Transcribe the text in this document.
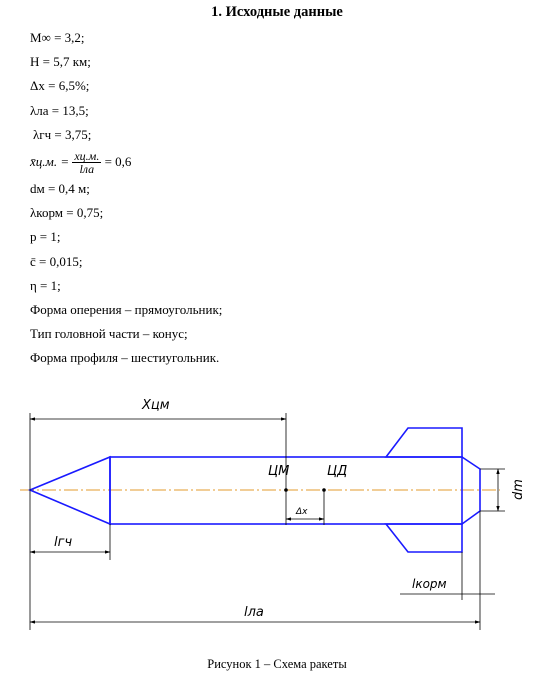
1. Исходные данные
M∞ = 3,2;
Н = 5,7 км;
Δх = 6,5%;
λла = 13,5;
λгч = 3,75;
x̄ц.м. = $\frac{xц.м.}{\text{lла}} = 0,6$
dм = 0,4 м;
λкорм = 0,75;
p = 1;
c̄ = 0,015;
η = 1;
Форма оперения – прямоугольник;
Тип головной части – конус;
Форма профиля – шестиугольник.
Хцм
ЦМ	ЦД
Δх
dm
lгч
lкорм
lла
Рисунок 1 – Схема ракеты
